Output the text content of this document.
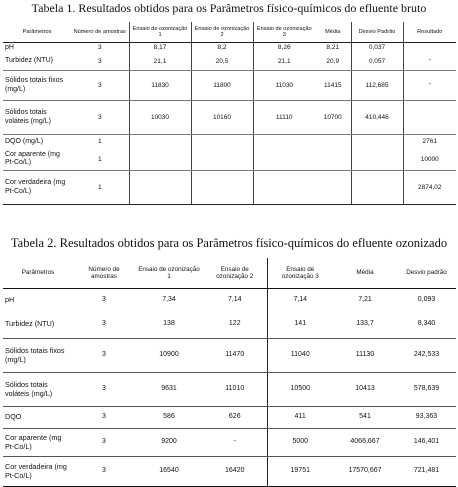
Tabela 1. Resultados obtidos para os Parâmetros físico-químicos do efluente bruto
Parâmetros	Número de amostras	Ensaio de ozonização 1	Ensaio de ozonização 2	Ensaio de ozonização 3	Média	Desvio Padrão	Resultado
pH	3	8,17	8,2	8,26	8,21	0,037	
Turbidez (NTU)	3	21,1	20,5	21,1	20,9	0,057	-
Sólidos totais fixos (mg/L)	3	11830	11800	11030	11415	112,685	-
Sólidos totais voláteis (mg/L)	3	10030	10160	11110	10700	410,446	
DQO (mg/L)	1						2761
Cor aparente (mg Pt-Co/L)	1						10000
Cor verdadeira (mg Pt-Co/L)	1						2874,02
Tabela 2. Resultados obtidos para os Parâmetros físico-químicos do efluente ozonizado
Parâmetros	Número de amostras	Ensaio de ozonização 1	Ensaio de ozonização 2	Ensaio de ozonização 3	Média	Desvio padrão
pH	3	7,34	7,14	7,14	7,21	0,093
Turbidez (NTU)	3	138	122	141	133,7	8,340
Sólidos totais fixos (mg/L)	3	10900	11470	11040	11130	242,533
Sólidos totais voláteis (mg/L)	3	9631	11010	10500	10413	578,639
DQO	3	586	626	411	541	93,363
Cor aparente (mg Pt-Co/L)	3	9200	-	5000	4066,667	146,401
Cor verdadeira (mg Pt-Co/L)	3	16540	16420	19751	17570,667	721,481
